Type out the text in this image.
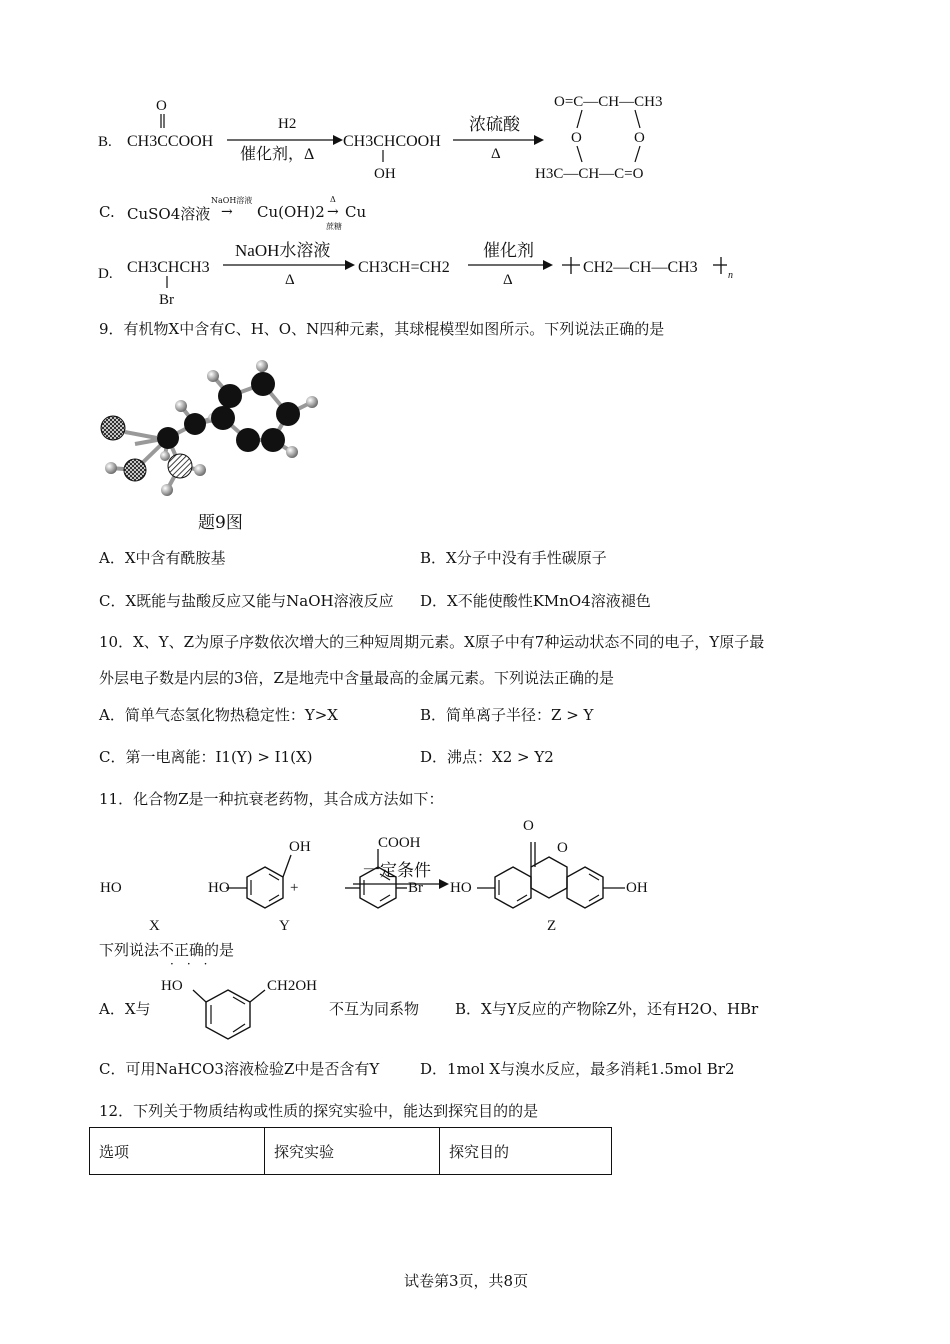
B.
O
CH3CCOOH
H2
催化剂，Δ
CH3CHCOOH
OH
浓硫酸
Δ
O=C—CH—CH3
O	O
H3C—CH—C=O
C. CuSO4溶液
NaOH溶液
→ Cu(OH)2
Δ
→
蔗糖
Cu
D. CH3CHCH3
Br
NaOH水溶液
Δ
CH3CH=CH2
催化剂
Δ
CH2—CH—CH3	n
9．有机物X中含有C、H、O、N四种元素，其球棍模型如图所示。下列说法正确的是
题9图
A．X中含有酰胺基	B．X分子中没有手性碳原子
C．X既能与盐酸反应又能与NaOH溶液反应 D．X不能使酸性KMnO4溶液褪色
10．X、Y、Z为原子序数依次增大的三种短周期元素。X原子中有7种运动状态不同的电子，Y原子最
外层电子数是内层的3倍，Z是地壳中含量最高的金属元素。下列说法正确的是
A．简单气态氢化物热稳定性：Y>X	B．简单离子半径：Z > Y
C．第一电离能：I1(Y) > I1(X)	D．沸点：X2 > Y2
11．化合物Z是一种抗衰老药物，其合成方法如下：
OH
HO	+
HO
COOH
Br
一定条件
HO
O
O
OH
X	Y	Z
下列说法不正确的是
···
A．X与
HO	CH2OH
不互为同系物 B．X与Y反应的产物除Z外，还有H2O、HBr
C．可用NaHCO3溶液检验Z中是否含有Y	D．1mol X与溴水反应，最多消耗1.5mol Br2
12．下列关于物质结构或性质的探究实验中，能达到探究目的的是
选项	探究实验	探究目的
试卷第3页，共8页
